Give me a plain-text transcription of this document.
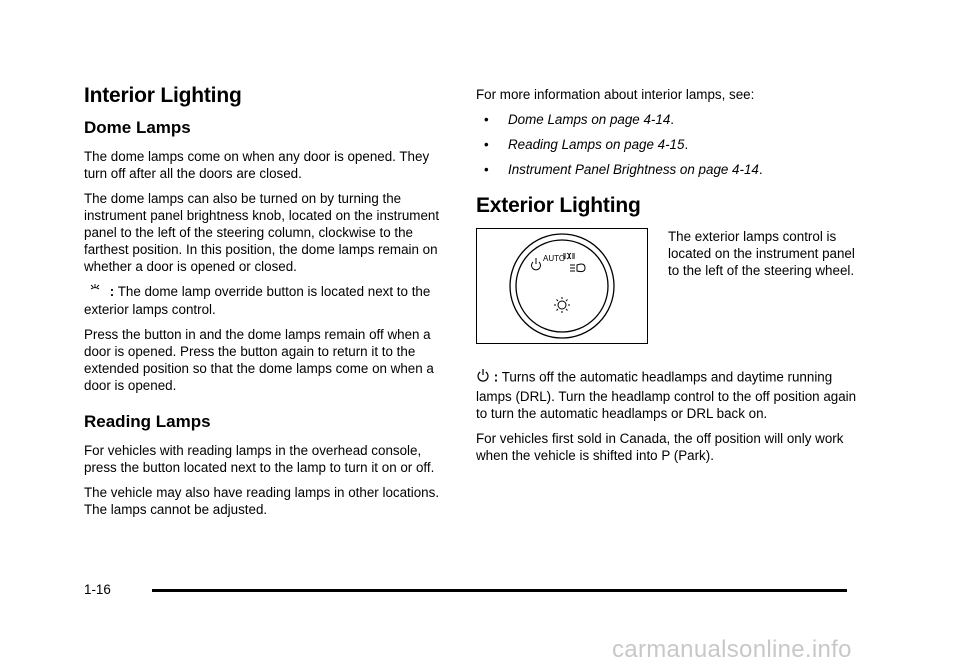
Interior Lighting
Dome Lamps

The dome lamps come on when any door is opened. They turn off after all the doors are closed.

The dome lamps can also be turned on by turning the instrument panel brightness knob, located on the instrument panel to the left of the steering column, clockwise to the farthest position. In this position, the dome lamps remain on whether a door is opened or closed.

: The dome lamp override button is located next to the exterior lamps control.

Press the button in and the dome lamps remain off when a door is opened. Press the button again to return it to the extended position so that the dome lamps come on when a door is opened.

Reading Lamps

For vehicles with reading lamps in the overhead console, press the button located next to the lamp to turn it on or off.

The vehicle may also have reading lamps in other locations. The lamps cannot be adjusted.

For more information about interior lamps, see:

• Dome Lamps on page 4-14.
• Reading Lamps on page 4-15.
• Instrument Panel Brightness on page 4-14.
Exterior Lighting
AUTO

The exterior lamps control is located on the instrument panel to the left of the steering wheel.

: Turns off the automatic headlamps and daytime running lamps (DRL). Turn the headlamp control to the off position again to turn the automatic headlamps or DRL back on.

For vehicles first sold in Canada, the off position will only work when the vehicle is shifted into P (Park).

1-16
carmanualsonline.info
